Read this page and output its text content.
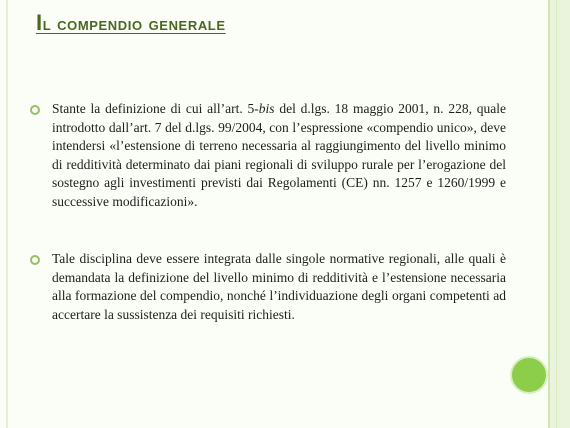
Il compendio generale

Stante la definizione di cui all’art. 5-bis del d.lgs. 18 maggio 2001, n. 228, quale introdotto dall’art. 7 del d.lgs. 99/2004, con l’espressione «compendio unico», deve intendersi «l’estensione di terreno necessaria al raggiungimento del livello minimo di redditività determinato dai piani regionali di sviluppo rurale per l’erogazione del sostegno agli investimenti previsti dai Regolamenti (CE) nn. 1257 e 1260/1999 e successive modificazioni».

Tale disciplina deve essere integrata dalle singole normative regionali, alle quali è demandata la definizione del livello minimo di redditività e l’estensione necessaria alla formazione del compendio, nonché l’individuazione degli organi competenti ad accertare la sussistenza dei requisiti richiesti.
